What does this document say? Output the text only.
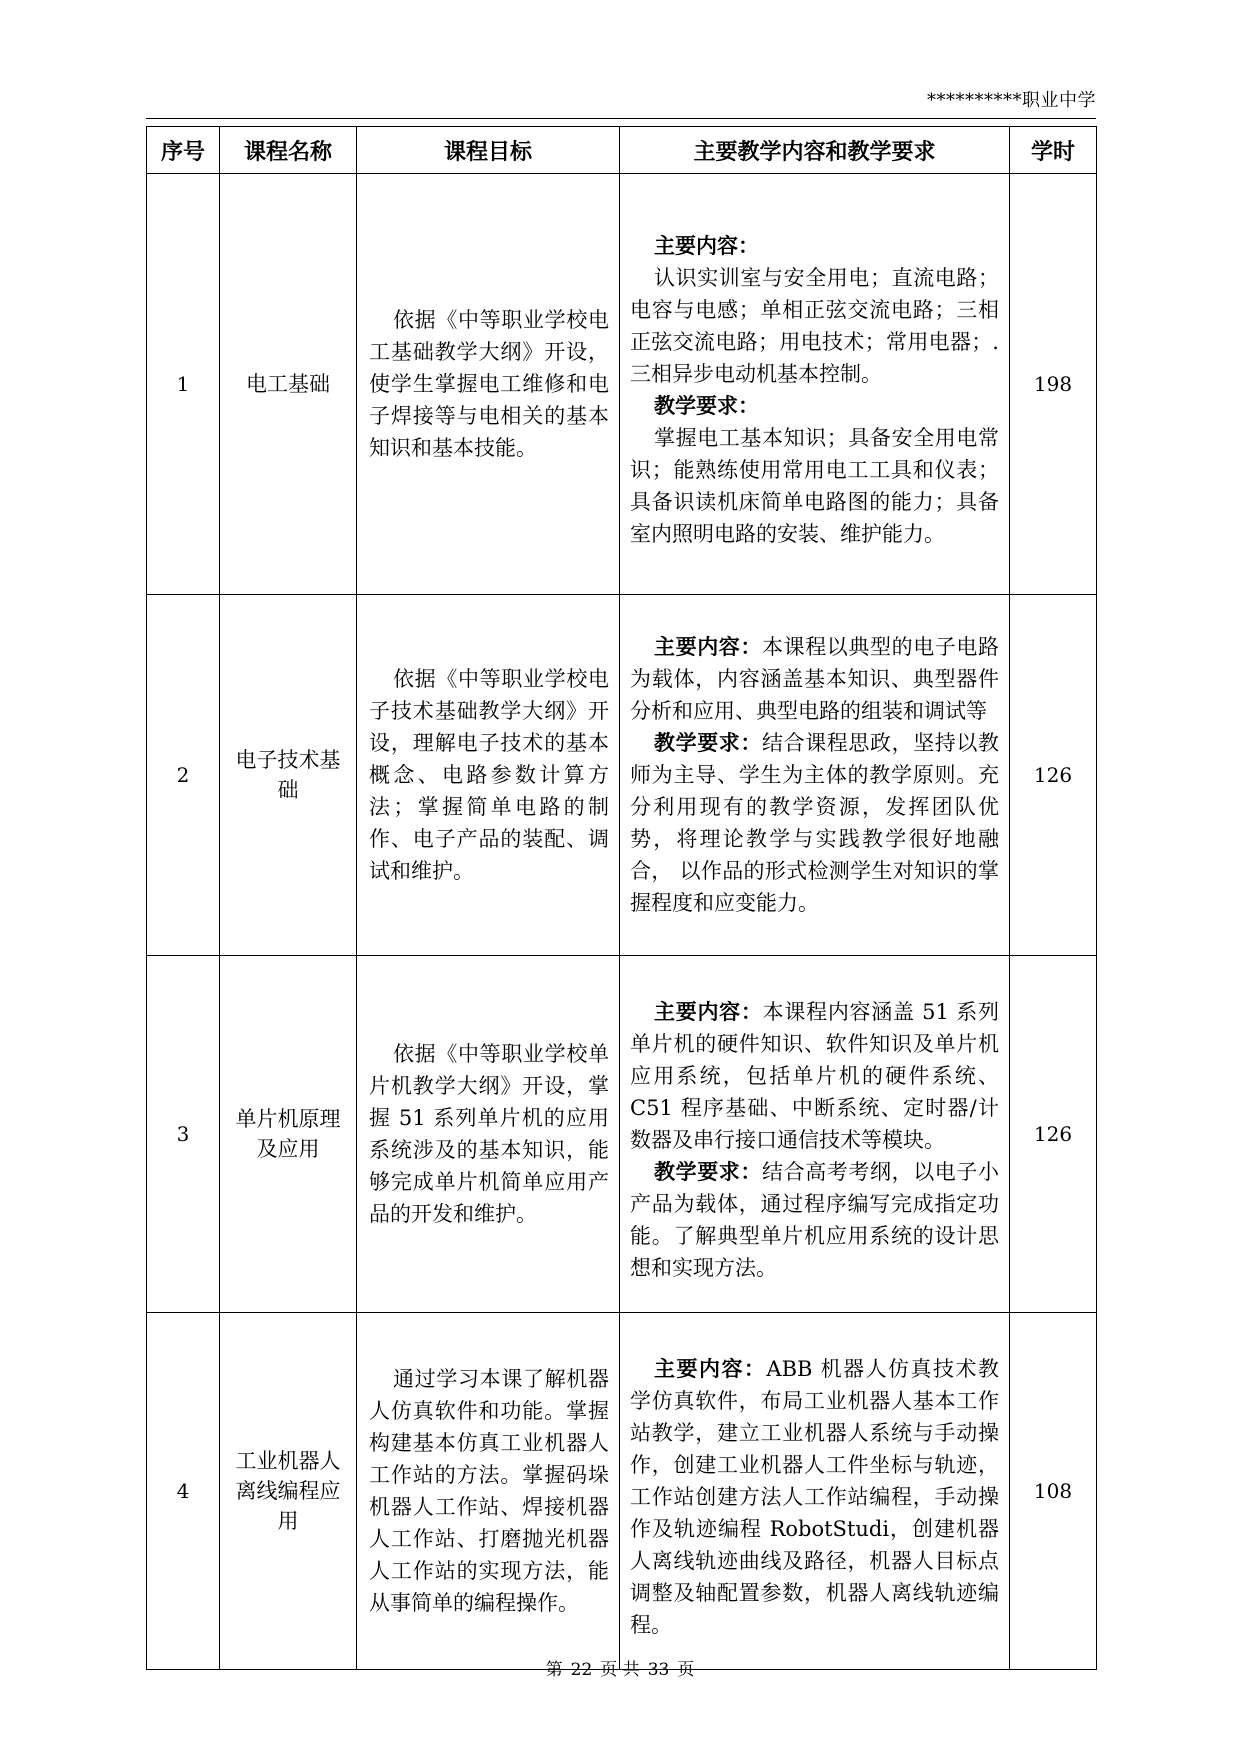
**********职业中学
序号	课程名称	课程目标	主要教学内容和教学要求	学时
1	电工基础	依据《中等职业学校电工基础教学大纲》开设，使学生掌握电工维修和电子焊接等与电相关的基本知识和基本技能。	主要内容：

认识实训室与安全用电；直流电路；电容与电感；单相正弦交流电路；三相正弦交流电路；用电技术；常用电器；.三相异步电动机基本控制。

教学要求：

掌握电工基本知识；具备安全用电常识；能熟练使用常用电工工具和仪表；具备识读机床简单电路图的能力；具备室内照明电路的安装、维护能力。	198
2	电子技术基础	依据《中等职业学校电子技术基础教学大纲》开设，理解电子技术的基本概念、电路参数计算方法；掌握简单电路的制作、电子产品的装配、调试和维护。	主要内容：本课程以典型的电子电路为载体，内容涵盖基本知识、典型器件分析和应用、典型电路的组装和调试等

教学要求：结合课程思政，坚持以教师为主导、学生为主体的教学原则。充分利用现有的教学资源，发挥团队优势，将理论教学与实践教学很好地融合， 以作品的形式检测学生对知识的掌握程度和应变能力。	126
3	单片机原理及应用	依据《中等职业学校单片机教学大纲》开设，掌握 51 系列单片机的应用系统涉及的基本知识，能够完成单片机简单应用产品的开发和维护。	主要内容：本课程内容涵盖 51 系列单片机的硬件知识、软件知识及单片机应用系统，包括单片机的硬件系统、C51 程序基础、中断系统、定时器/计数器及串行接口通信技术等模块。

教学要求：结合高考考纲，以电子小产品为载体，通过程序编写完成指定功能。了解典型单片机应用系统的设计思想和实现方法。	126
4	工业机器人离线编程应用	通过学习本课了解机器人仿真软件和功能。掌握构建基本仿真工业机器人工作站的方法。掌握码垛机器人工作站、焊接机器人工作站、打磨抛光机器人工作站的实现方法，能从事简单的编程操作。	主要内容：ABB 机器人仿真技术教学仿真软件，布局工业机器人基本工作站教学，建立工业机器人系统与手动操作，创建工业机器人工件坐标与轨迹，工作站创建方法人工作站编程，手动操作及轨迹编程 RobotStudi，创建机器人离线轨迹曲线及路径，机器人目标点调整及轴配置参数，机器人离线轨迹编程。	108
第 22 页 共 33 页
